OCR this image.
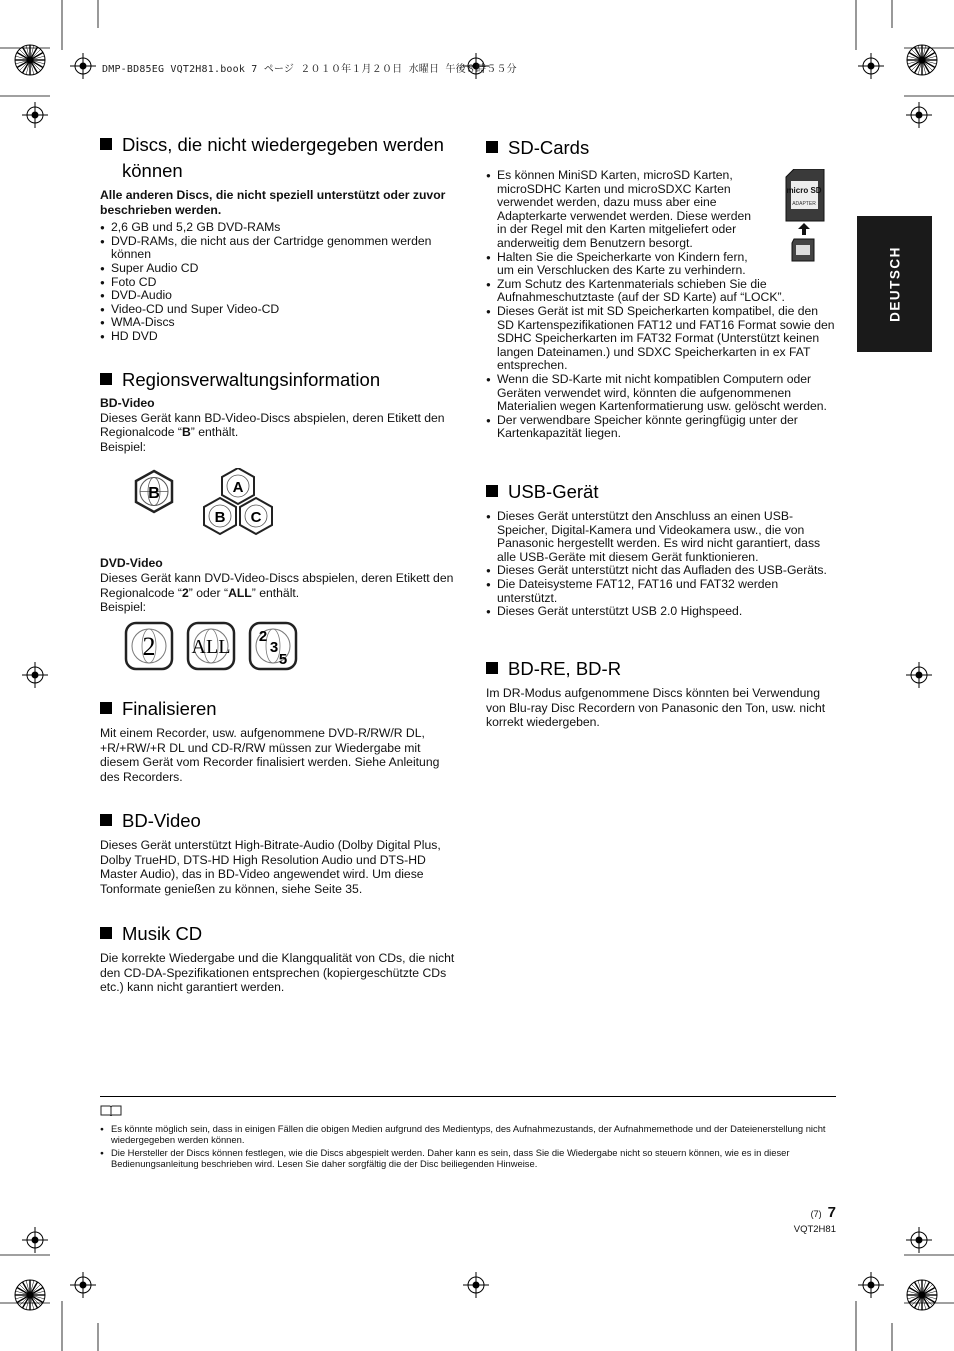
DMP-BD85EG VQT2H81.book 7 ページ ２０１０年１月２０日 水曜日 午後８時５５分
DEUTSCH
Discs, die nicht wiedergegeben werden können

Alle anderen Discs, die nicht speziell unterstützt oder zuvor beschrieben werden.

● 2,6 GB und 5,2 GB DVD-RAMs
● DVD-RAMs, die nicht aus der Cartridge genommen werden können
● Super Audio CD
● Foto CD
● DVD-Audio
● Video-CD und Super Video-CD
● WMA-Discs
● HD DVD
Regionsverwaltungsinformation

BD-Video

Dieses Gerät kann BD-Video-Discs abspielen, deren Etikett den Regionalcode “B” enthält.

Beispiel:

B	A
B C

DVD-Video

Dieses Gerät kann DVD-Video-Discs abspielen, deren Etikett den Regionalcode “2” oder “ALL” enthält.

Beispiel:

2 ALL 2
3
5
Finalisieren

Mit einem Recorder, usw. aufgenommene DVD-R/RW/R DL, +R/+RW/+R DL und CD-R/RW müssen zur Wiedergabe mit diesem Gerät vom Recorder finalisiert werden. Siehe Anleitung des Recorders.

BD-Video

Dieses Gerät unterstützt High-Bitrate-Audio (Dolby Digital Plus, Dolby TrueHD, DTS-HD High Resolution Audio und DTS-HD Master Audio), das in BD-Video angewendet wird. Um diese Tonformate genießen zu können, siehe Seite 35.

Musik CD

Die korrekte Wiedergabe und die Klangqualität von CDs, die nicht den CD-DA-Spezifikationen entsprechen (kopiergeschützte CDs etc.) kann nicht garantiert werden.

SD-Cards
micro SD
ADAPTER
● Es können MiniSD Karten, microSD Karten, microSDHC Karten und microSDXC Karten verwendet werden, dazu muss aber eine Adapterkarte verwendet werden. Diese werden in der Regel mit den Karten mitgeliefert oder anderweitig dem Benutzern besorgt.
● Halten Sie die Speicherkarte von Kindern fern, um ein Verschlucken des Karte zu verhindern.
● Zum Schutz des Kartenmaterials schieben Sie die Aufnahmeschutztaste (auf der SD Karte) auf “LOCK”.
● Dieses Gerät ist mit SD Speicherkarten kompatibel, die den SD Kartenspezifikationen FAT12 und FAT16 Format sowie den SDHC Speicherkarten im FAT32 Format (Unterstützt keinen langen Dateinamen.) und SDXC Speicherkarten in ex FAT entsprechen.
● Wenn die SD-Karte mit nicht kompatiblen Computern oder Geräten verwendet wird, könnten die aufgenommenen Materialien wegen Kartenformatierung usw. gelöscht werden.
● Der verwendbare Speicher könnte geringfügig unter der Kartenkapazität liegen.
USB-Gerät
● Dieses Gerät unterstützt den Anschluss an einen USB-Speicher, Digital-Kamera und Videokamera usw., die von Panasonic hergestellt werden. Es wird nicht garantiert, dass alle USB-Geräte mit diesem Gerät funktionieren.
● Dieses Gerät unterstützt nicht das Aufladen des USB-Geräts.
● Die Dateisysteme FAT12, FAT16 und FAT32 werden unterstützt.
● Dieses Gerät unterstützt USB 2.0 Highspeed.
BD-RE, BD-R

Im DR-Modus aufgenommene Discs könnten bei Verwendung von Blu-ray Disc Recordern von Panasonic den Ton, usw. nicht korrekt wiedergeben.

● Es könnte möglich sein, dass in einigen Fällen die obigen Medien aufgrund des Medientyps, des Aufnahmezustands, der Aufnahmemethode und der Dateienerstellung nicht wiedergegeben werden können.
● Die Hersteller der Discs können festlegen, wie die Discs abgespielt werden. Daher kann es sein, dass Sie die Wiedergabe nicht so steuern können, wie es in dieser Bedienungsanleitung beschrieben wird. Lesen Sie daher sorgfältig die der Disc beiliegenden Hinweise.
(7) 7
VQT2H81
